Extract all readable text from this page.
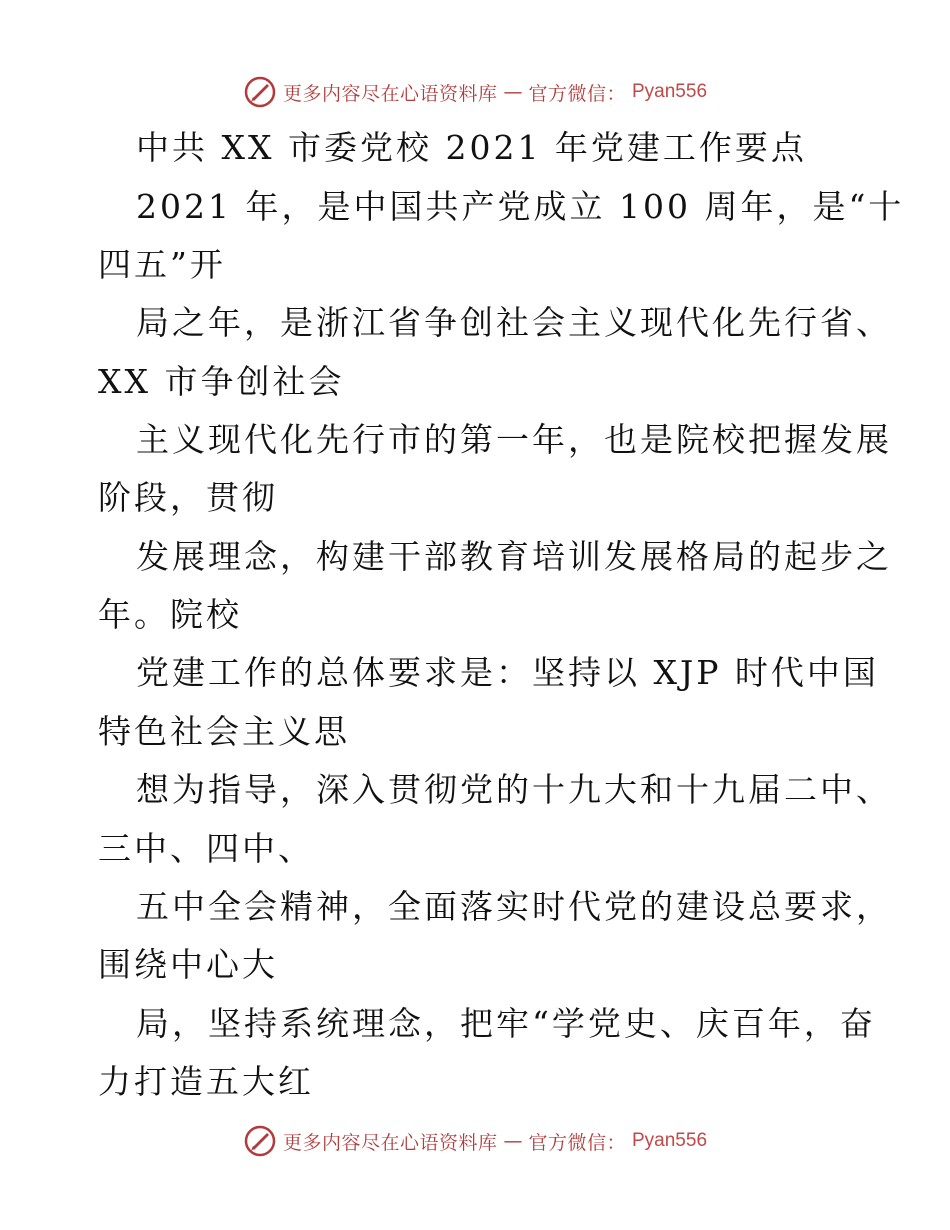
更多内容尽在心语资料库 — 官方微信： Pyan556
中共 XX 市委党校 2021 年党建工作要点
2021 年，是中国共产党成立 100 周年，是“十
四五”开
局之年，是浙江省争创社会主义现代化先行省、
XX 市争创社会
主义现代化先行市的第一年，也是院校把握发展
阶段，贯彻
发展理念，构建干部教育培训发展格局的起步之
年。院校
党建工作的总体要求是：坚持以 XJP 时代中国
特色社会主义思
想为指导，深入贯彻党的十九大和十九届二中、
三中、四中、
五中全会精神，全面落实时代党的建设总要求，
围绕中心大
局，坚持系统理念，把牢“学党史、庆百年，奋
力打造五大红
更多内容尽在心语资料库 — 官方微信： Pyan556
